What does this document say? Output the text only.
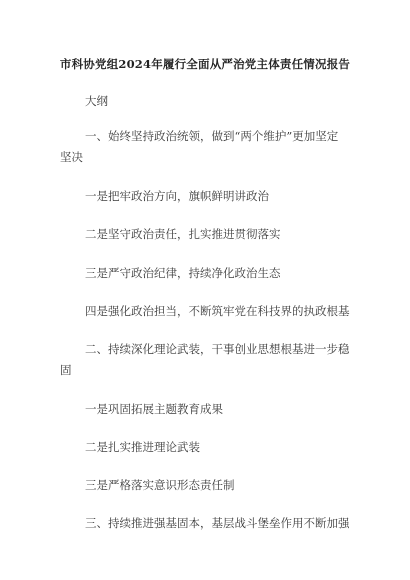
市科协党组2024年履行全面从严治党主体责任情况报告
大纲
一、始终坚持政治统领，做到“两个维护”更加坚定
坚决
一是把牢政治方向，旗帜鲜明讲政治
二是坚守政治责任，扎实推进贯彻落实
三是严守政治纪律，持续净化政治生态
四是强化政治担当，不断筑牢党在科技界的执政根基
二、持续深化理论武装，干事创业思想根基进一步稳
固
一是巩固拓展主题教育成果
二是扎实推进理论武装
三是严格落实意识形态责任制
三、持续推进强基固本，基层战斗堡垒作用不断加强
